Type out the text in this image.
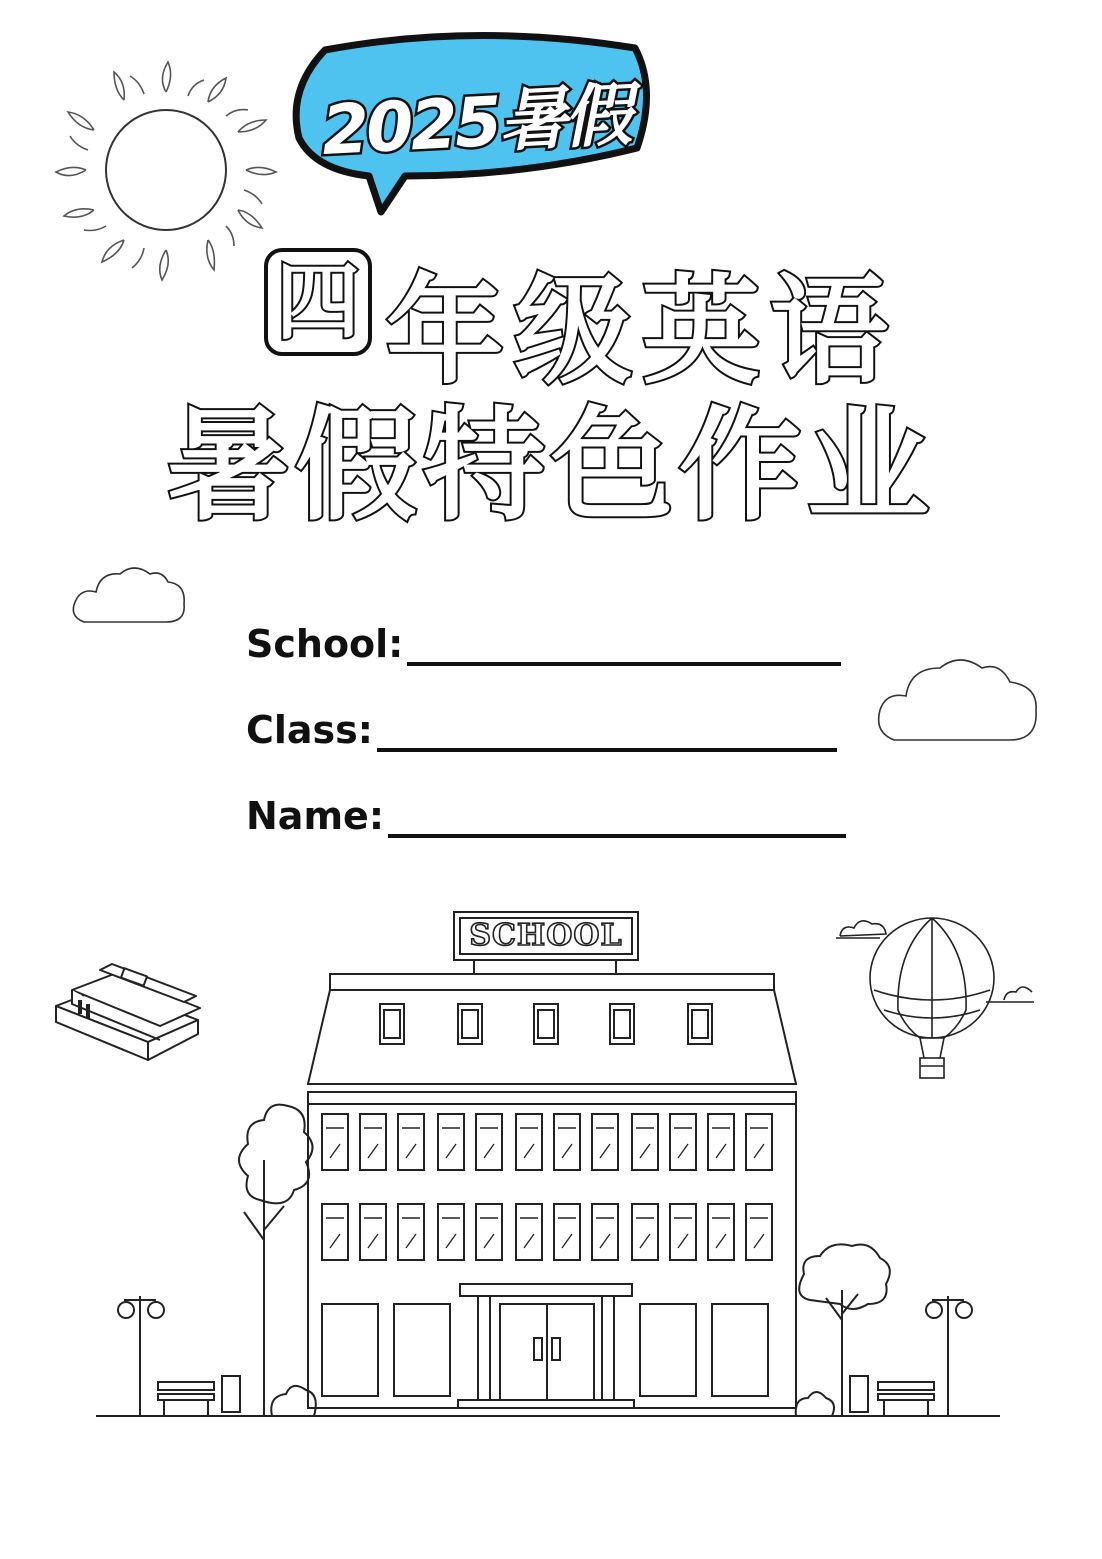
2025暑假
四 年级英语
暑假特色作业
School:
Class:
Name:
SCHOOL
